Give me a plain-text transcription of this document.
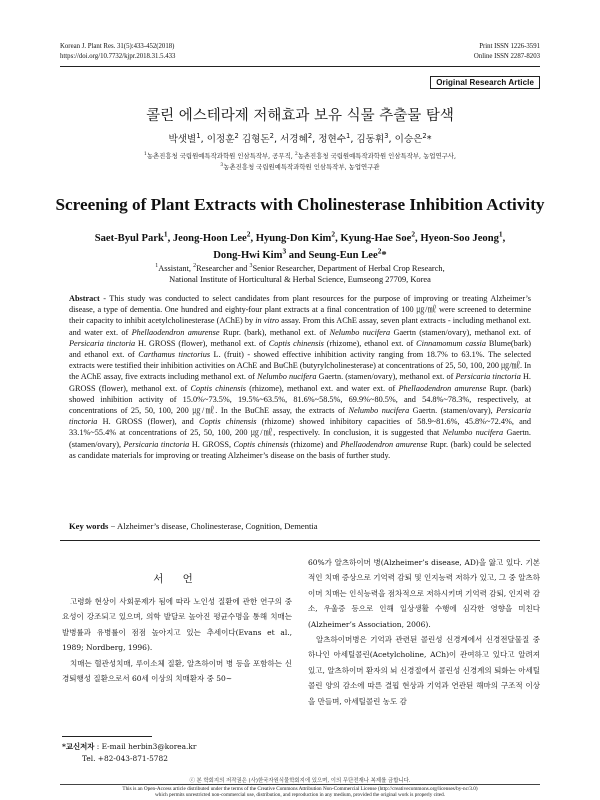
Korean J. Plant Res. 31(5):433-452(2018)
https://doi.org/10.7732/kjpr.2018.31.5.433
Print ISSN 1226-3591
Online ISSN 2287-8203
Original Research Article
콜린 에스테라제 저해효과 보유 식물 추출물 탐색
박샛별$^1$, 이정훈$^2$ 김형돈$^2$, 서경혜$^2$, 정현수$^1$, 김동휘$^3$, 이승은$^2$*
$^1$농촌진흥청 국립원예특작과학원 인삼특작부, 공무직, $^2$농촌진흥청 국립원예특작과학원 인삼특작부, 농업연구사,
$^3$농촌진흥청 국립원예특작과학원 인삼특작부, 농업연구관
Screening of Plant Extracts with Cholinesterase Inhibition Activity
Saet-Byul Park$^1$, Jeong-Hoon Lee$^2$, Hyung-Don Kim$^2$, Kyung-Hae Soe$^2$, Hyeon-Soo Jeong$^1$,
Dong-Hwi Kim$^3$ and Seung-Eun Lee$^2$*
$^1$Assistant, $^2$Researcher and $^3$Senior Researcher, Department of Herbal Crop Research,
National Institute of Horticultural & Herbal Science, Eumseong 27709, Korea
Abstract - This study was conducted to select candidates from plant resources for the purpose of improving or treating Alzheimer’s disease, a type of dementia. One hundred and eighty-four plant extracts at a final concentration of 100 ㎍/㎖ were screened to determine their capacity to inhibit acetylcholinesterase (AChE) by in vitro assay. From this AChE assay, seven plant extracts - including methanol ext. and water ext. of Phellaodendron amurense Rupr. (bark), methanol ext. of Nelumbo nucifera Gaertn (stamen/ovary), methanol ext. of Persicaria tinctoria H. GROSS (flower), methanol ext. of Coptis chinensis (rhizome), ethanol ext. of Cinnamomum cassia Blume(bark) and ethanol ext. of Carthamus tinctorius L. (fruit) - showed effective inhibition activity ranging from 18.7% to 63.1%. The selected extracts were testified their inhibition activities on AChE and BuChE (butyrylcholinesterase) at concentrations of 25, 50, 100, 200 ㎍/㎖. In the AChE assay, five extracts including methanol ext. of Nelumbo nucifera Gaertn. (stamen/ovary), methanol ext. of Persicaria tinctoria H. GROSS (flower), methanol ext. of Coptis chinensis (rhizome), methanol ext. and water ext. of Phellaodendron amurense Rupr. (bark) showed inhibition activity of 15.0%~73.5%, 19.5%~63.5%, 81.6%~58.5%, 69.9%~80.5%, and 54.8%~78.3%, respectively, at concentrations of 25, 50, 100, 200 ㎍/㎖. In the BuChE assay, the extracts of Nelumbo nucifera Gaertn. (stamen/ovary), Persicaria tinctoria H. GROSS (flower), and Coptis chinensis (rhizome) showed inhibitory capacities of 58.9~81.6%, 45.8%~72.4%, and 33.1%~55.4% at concentrations of 25, 50, 100, 200 ㎍/㎖, respectively. In conclusion, it is suggested that Nelumbo nucifera Gaertn. (stamen/ovary), Persicaria tinctoria H. GROSS, Coptis chinensis (rhizome) and Phellaodendron amurense Rupr. (bark) could be selected as candidate materials for improving or treating Alzheimer’s disease on the basis of further study.
Key words − Alzheimer’s disease, Cholinesterase, Cognition, Dementia
서 언

고령화 현상이 사회문제가 됨에 따라 노인성 질환에 관한 연구의 중요성이 강조되고 있으며, 의학 발달로 높아진 평균수명을 통해 치매는 발병률과 유병률이 점점 높아지고 있는 추세이다(Evans et al., 1989; Nordberg, 1996).

치매는 혈관성치매, 루이소체 질환, 알츠하이머 병 등을 포함하는 신경퇴행성 질환으로서 60세 이상의 치매환자 중 50~

60%가 알츠하이머 병(Alzheimer’s disease, AD)을 앓고 있다. 기본적인 치매 증상으로 기억력 감퇴 및 인지능력 저하가 있고, 그 중 알츠하이머 치매는 인식능력을 점차적으로 저하시키며 기억력 감퇴, 인지력 감소, 우울증 등으로 인해 일상생활 수행에 심각한 영향을 미친다(Alzheimer’s Association, 2006).

알츠하이머병은 기억과 관련된 콜린성 신경계에서 신경전달물질 중 하나인 아세틸콜린(Acetylcholine, ACh)이 관여하고 있다고 알려져 있고, 알츠하이머 환자의 뇌 신경절에서 콜린성 신경계의 퇴화는 아세틸콜린 양의 감소에 따른 결핍 현상과 기억과 연관된 해마의 구조적 이상을 만들며, 아세틸콜린 농도 감

*교신저자 : E-mail herbin3@korea.kr
Tel. +82-043-871-5782
ⓒ 본 학회지의 저작권은 (사)한국자원식물학회지에 있으며, 이의 무단전재나 복제를 금합니다.
This is an Open-Access article distributed under the terms of the Creative Commons Attribution Non-Commercial License (http://creativecommons.org/licenses/by-nc/3.0)
which permits unrestricted non-commercial use, distribution, and reproduction in any medium, provided the original work is properly cited.
